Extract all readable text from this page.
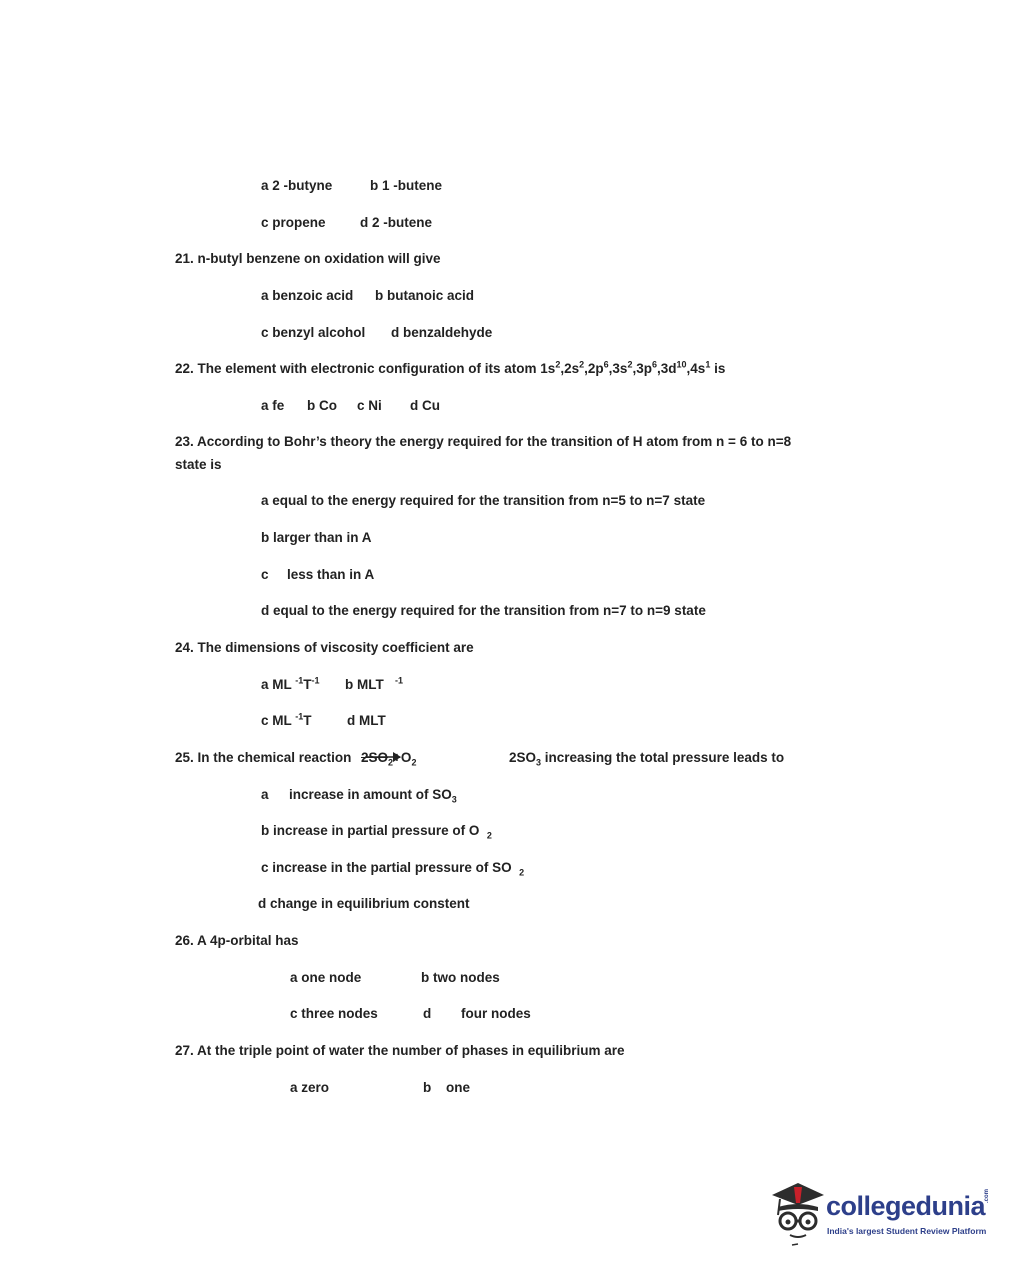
a 2 -butyne	b 1 -butene
c propene	d 2 -butene
21. n-butyl benzene on oxidation will give
a benzoic acid b butanoic acid
c benzyl alcohol d benzaldehyde
22. The element with electronic configuration of its atom $1s^2,2s^2,2p^6,3s^2,3p^6,3d^{10},4s^1$ is
a fe b Co c Ni d Cu
23. According to Bohr’s theory the energy required for the transition of H atom from n = 6 to n=8
state is
a equal to the energy required for the transition from n=5 to n=7 state
b larger than in A
c less than in A
d equal to the energy required for the transition from n=7 to n=9 state
24. The dimensions of viscosity coefficient are
a ML $^{-1}T^{-1}$ b MLT $^{-1}$
c ML $^{-1}$T	d MLT
25. In the chemical reaction $2SO_2$ $O_2$	$2SO_3$ increasing the total pressure leads to
a increase in amount of $SO_3$
b increase in partial pressure of O $_2$
c increase in the partial pressure of SO $_2$
d change in equilibrium constent
26. A 4p-orbital has
a one node	b two nodes
c three nodes	d four nodes
27. At the triple point of water the number of phases in equilibrium are
a zero	b one
collegedunia
.com
India's largest Student Review Platform
